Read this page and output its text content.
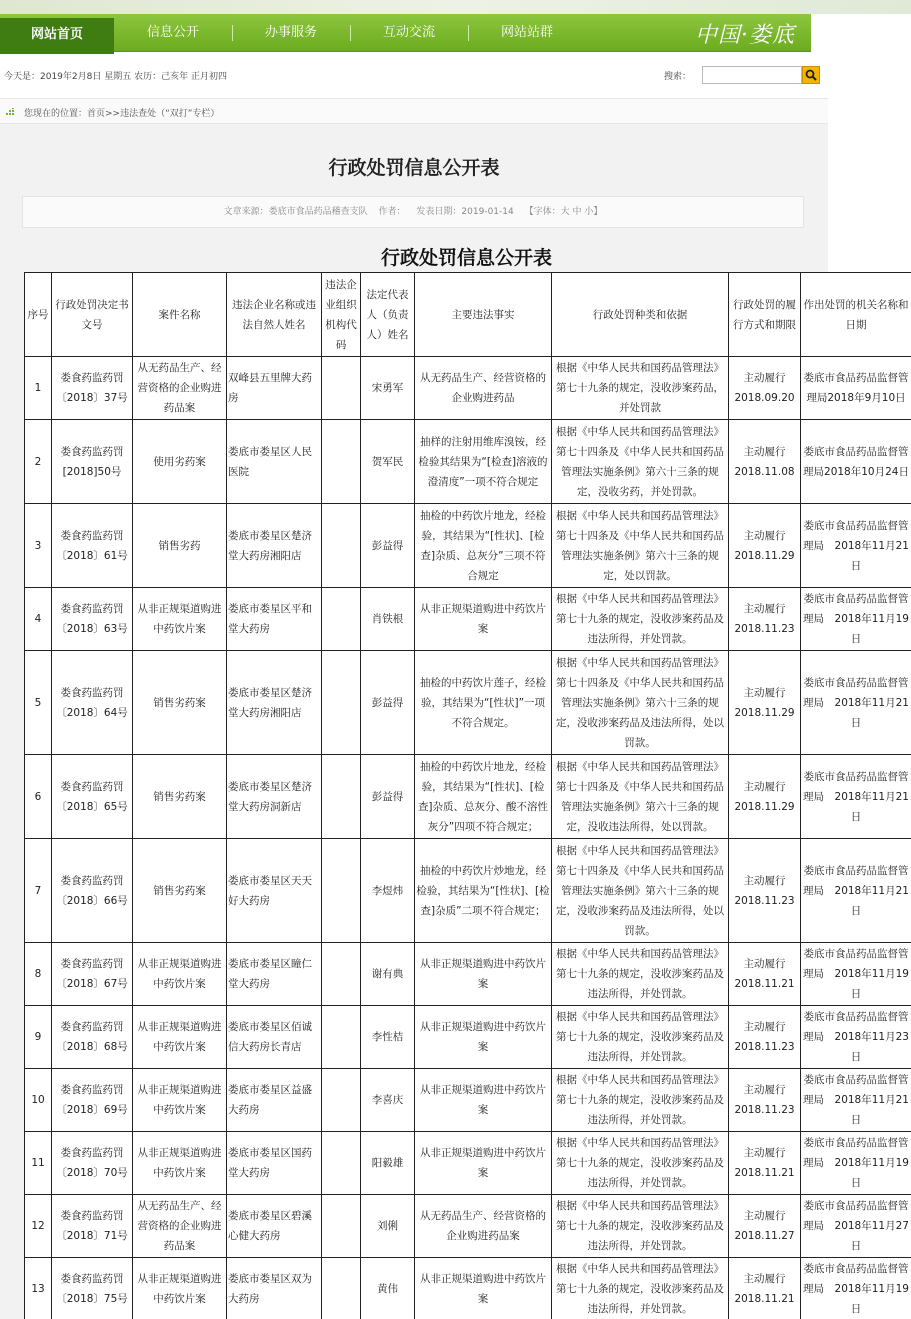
网站首页	信息公开	办事服务	互动交流	网站站群	中国·娄底
今天是：2019年2月8日 星期五 农历：己亥年 正月初四	搜索：
您现在的位置：首页>>违法查处（“双打”专栏）
行政处罚信息公开表
文章来源：娄底市食品药品稽查支队 作者： 发表日期：2019-01-14 【字体：大 中 小】
行政处罚信息公开表
序号	行政处罚决定书文号	案件名称	违法企业名称或违法自然人姓名	违法企业组织机构代码	法定代表人（负责人）姓名	主要违法事实	行政处罚种类和依据	行政处罚的履行方式和期限	作出处罚的机关名称和日期
1	娄食药监药罚〔2018〕37号	从无药品生产、经营资格的企业购进药品案	双峰县五里牌大药房		宋勇军	从无药品生产、经营资格的企业购进药品	根据《中华人民共和国药品管理法》第七十九条的规定，没收涉案药品，并处罚款	主动履行 2018.09.20	娄底市食品药品监督管理局2018年9月10日
2	娄食药监药罚[2018]50号	使用劣药案	娄底市娄星区人民医院		贺军民	抽样的注射用维库溴铵，经检验其结果为“[检查]溶液的澄清度”一项不符合规定	根据《中华人民共和国药品管理法》第七十四条及《中华人民共和国药品管理法实施条例》第六十三条的规定，没收劣药，并处罚款。	主动履行 2018.11.08	娄底市食品药品监督管理局2018年10月24日
3	娄食药监药罚〔2018〕61号	销售劣药	娄底市娄星区楚济堂大药房湘阳店		彭益得	抽检的中药饮片地龙，经检验，其结果为“[性状]、[检查]杂质、总灰分”三项不符合规定	根据《中华人民共和国药品管理法》第七十四条及《中华人民共和国药品管理法实施条例》第六十三条的规定，处以罚款。	主动履行 2018.11.29	娄底市食品药品监督管理局　2018年11月21日
4	娄食药监药罚〔2018〕63号	从非正规渠道购进中药饮片案	娄底市娄星区平和堂大药房		肖铁根	从非正规渠道购进中药饮片案	根据《中华人民共和国药品管理法》第七十九条的规定，没收涉案药品及违法所得，并处罚款。	主动履行 2018.11.23	娄底市食品药品监督管理局　2018年11月19日
5	娄食药监药罚〔2018〕64号	销售劣药案	娄底市娄星区楚济堂大药房湘阳店		彭益得	抽检的中药饮片莲子，经检验，其结果为“[性状]”一项不符合规定。	根据《中华人民共和国药品管理法》第七十四条及《中华人民共和国药品管理法实施条例》第六十三条的规定，没收涉案药品及违法所得，处以罚款。	主动履行 2018.11.29	娄底市食品药品监督管理局　2018年11月21日
6	娄食药监药罚〔2018〕65号	销售劣药案	娄底市娄星区楚济堂大药房洞新店		彭益得	抽检的中药饮片地龙，经检验，其结果为“[性状]、[检查]杂质、总灰分、酸不溶性灰分”四项不符合规定；	根据《中华人民共和国药品管理法》第七十四条及《中华人民共和国药品管理法实施条例》第六十三条的规定，没收违法所得，处以罚款。	主动履行 2018.11.29	娄底市食品药品监督管理局　2018年11月21日
7	娄食药监药罚〔2018〕66号	销售劣药案	娄底市娄星区天天好大药房		李煜炜	抽检的中药饮片炒地龙，经检验，其结果为“[性状]、[检查]杂质”二项不符合规定；	根据《中华人民共和国药品管理法》第七十四条及《中华人民共和国药品管理法实施条例》第六十三条的规定，没收涉案药品及违法所得，处以罚款。	主动履行 2018.11.23	娄底市食品药品监督管理局　2018年11月21日
8	娄食药监药罚〔2018〕67号	从非正规渠道购进中药饮片案	娄底市娄星区瞳仁堂大药房		谢有典	从非正规渠道购进中药饮片案	根据《中华人民共和国药品管理法》第七十九条的规定，没收涉案药品及违法所得，并处罚款。	主动履行 2018.11.21	娄底市食品药品监督管理局　2018年11月19日
9	娄食药监药罚〔2018〕68号	从非正规渠道购进中药饮片案	娄底市娄星区佰诚信大药房长青店		李性桔	从非正规渠道购进中药饮片案	根据《中华人民共和国药品管理法》第七十九条的规定，没收涉案药品及违法所得，并处罚款。	主动履行 2018.11.23	娄底市食品药品监督管理局　2018年11月23日
10	娄食药监药罚〔2018〕69号	从非正规渠道购进中药饮片案	娄底市娄星区益盛大药房		李喜庆	从非正规渠道购进中药饮片案	根据《中华人民共和国药品管理法》第七十九条的规定，没收涉案药品及违法所得，并处罚款。	主动履行 2018.11.23	娄底市食品药品监督管理局　2018年11月21日
11	娄食药监药罚〔2018〕70号	从非正规渠道购进中药饮片案	娄底市娄星区国药堂大药房		阳毅雄	从非正规渠道购进中药饮片案	根据《中华人民共和国药品管理法》第七十九条的规定，没收涉案药品及违法所得，并处罚款。	主动履行 2018.11.21	娄底市食品药品监督管理局　2018年11月19日
12	娄食药监药罚〔2018〕71号	从无药品生产、经营资格的企业购进药品案	娄底市娄星区碧溪心健大药房		刘俐	从无药品生产、经营资格的企业购进药品案	根据《中华人民共和国药品管理法》第七十九条的规定，没收涉案药品及违法所得，并处罚款。	主动履行 2018.11.27	娄底市食品药品监督管理局　2018年11月27日
13	娄食药监药罚〔2018〕75号	从非正规渠道购进中药饮片案	娄底市娄星区双为大药房		黄伟	从非正规渠道购进中药饮片案	根据《中华人民共和国药品管理法》第七十九条的规定，没收涉案药品及违法所得，并处罚款。	主动履行 2018.11.21	娄底市食品药品监督管理局　2018年11月19日
